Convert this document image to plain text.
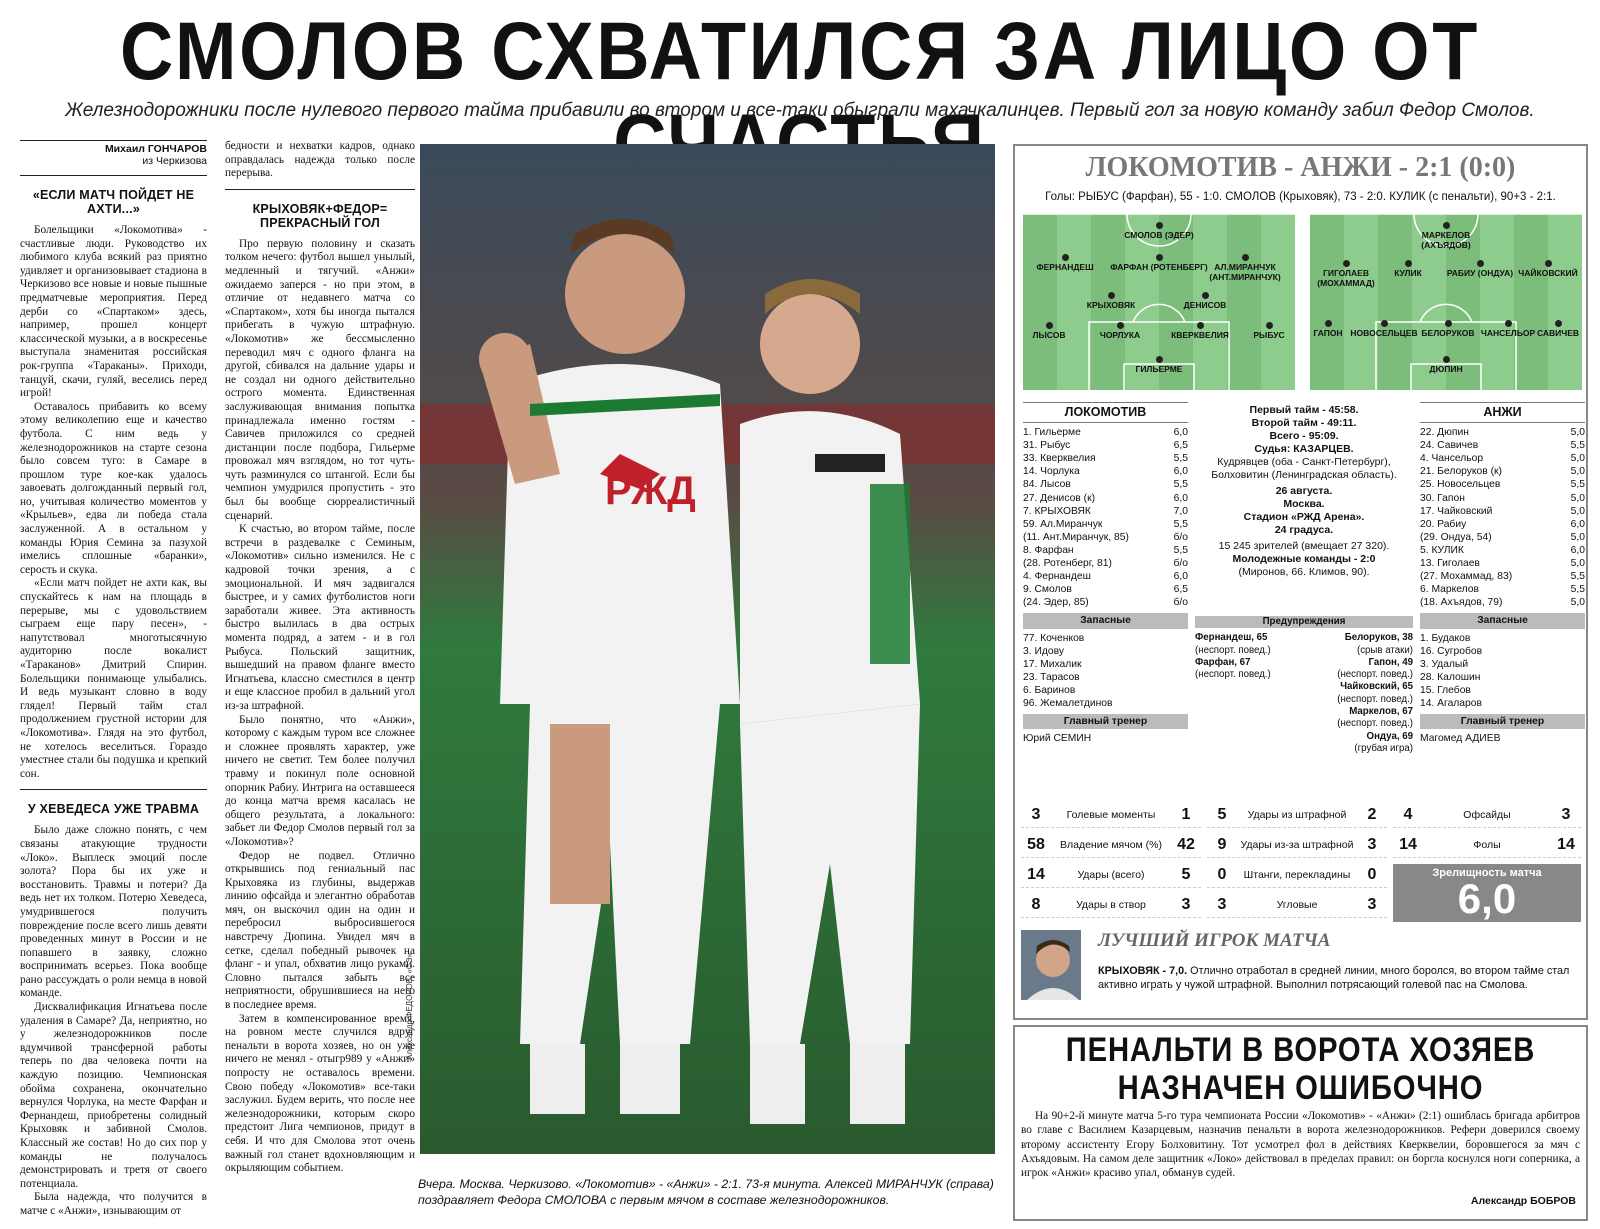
СМОЛОВ СХВАТИЛСЯ ЗА ЛИЦО ОТ
Железнодорожники после нулевого первого тайма прибавили во втором и все-таки обыграли махачкалинцев. Первый гол за новую команду забил Федор Смолов.
Михаил ГОНЧАРОВ
из Черкизова
«ЕСЛИ МАТЧ ПОЙДЕТ НЕ АХТИ...»

Болельщики «Локомотива» - счастливые люди. Руководство их любимого клуба всякий раз приятно удивляет и организовывает стадиона в Черкизово все новые и новые пышные предматчевые мероприятия. Перед дерби со «Спартаком» здесь, например, прошел концерт классической музыки, а в воскресенье выступала знаменитая российская рок-группа «Тараканы». Приходи, танцуй, скачи, гуляй, веселись перед игрой!

Оставалось прибавить ко всему этому великолепию еще и качество футбола. С ним ведь у железнодорожников на старте сезона было совсем туго: в Самаре в прошлом туре кое-как удалось завоевать долгожданный первый гол, но, учитывая количество моментов у «Крыльев», едва ли победа стала заслуженной. А в остальном у команды Юрия Семина за пазухой имелись сплошные «баранки», серость и скука.

«Если матч пойдет не ахти как, вы спускайтесь к нам на площадь в перерыве, мы с удовольствием сыграем еще пару песен», - напутствовал многотысячную аудиторию после вокалист «Тараканов» Дмитрий Спирин. Болельщики понимающе улыбались. И ведь музыкант словно в воду глядел! Первый тайм стал продолжением грустной истории для «Локомотива». Глядя на это футбол, не хотелось веселиться. Гораздо уместнее стали бы подушка и крепкий сон.

У ХЕВЕДЕСА УЖЕ ТРАВМА

Было даже сложно понять, с чем связаны атакующие трудности «Локо». Выплеск эмоций после золота? Пора бы их уже и восстановить. Травмы и потери? Да ведь нет их толком. Потерю Хеведеса, умудрившегося получить повреждение после всего лишь девяти проведенных минут в России и не попавшего в заявку, сложно воспринимать всерьез. Пока вообще рано рассуждать о роли немца в новой команде.

Дисквалификация Игнатьева после удаления в Самаре? Да, неприятно, но у железнодорожников после вдумчивой трансферной работы теперь по два человека почти на каждую позицию. Чемпионская обойма сохранена, окончательно вернулся Чорлука, на месте Фарфан и Фернандеш, приобретены солидный Крыховяк и забивной Смолов. Классный же состав! Но до сих пор у команды не получалось демонстрировать и третя от своего потенциала.

Была надежда, что получится в матче с «Анжи», изнывающим от

бедности и нехватки кадров, однако оправдалась надежда только после перерыва.

КРЫХОВЯК+ФЕДОР= ПРЕКРАСНЫЙ ГОЛ

Про первую половину и сказать толком нечего: футбол вышел унылый, медленный и тягучий. «Анжи» ожидаемо заперся - но при этом, в отличие от недавнего матча со «Спартаком», хотя бы иногда пытался прибегать в чужую штрафную. «Локомотив» же бессмысленно переводил мяч с одного фланга на другой, сбивался на дальние удары и не создал ни одного действительно острого момента. Единственная заслуживающая внимания попытка принадлежала именно гостям - Савичев приложился со средней дистанции после подбора, Гильерме провожал мяч взглядом, но тот чуть-чуть разминулся со штангой. Если бы чемпион умудрился пропустить - это был бы вообще сюрреалистичный сценарий.

К счастью, во втором тайме, после встречи в раздевалке с Семиным, «Локомотив» сильно изменился. Не с кадровой точки зрения, а с эмоциональной. И мяч задвигался быстрее, и у самих футболистов ноги заработали живее. Эта активность быстро вылилась в два острых момента подряд, а затем - и в гол Рыбуса. Польский защитник, вышедший на правом фланге вместо Игнатьева, классно сместился в центр и еще классное пробил в дальний угол из-за штрафной.

Было понятно, что «Анжи», которому с каждым туром все сложнее и сложнее проявлять характер, уже ничего не светит. Тем более получил травму и покинул поле основной опорник Рабиу. Интрига на оставшееся до конца матча время касалась не общего результата, а локального: забьет ли Федор Смолов первый гол за «Локомотив»?

Федор не подвел. Отлично открывшись под гениальный пас Крыховяка из глубины, выдержав линию офсайда и элегантно обработав мяч, он выскочил один на один и перебросил выбросившегося навстречу Дюпина. Увидел мяч в сетке, сделал победный рывочек на фланг - и упал, обхватив лицо руками. Словно пытался забыть все неприятности, обрушившиеся на него в последнее время.

Затем в компенсированное время, на ровном месте случился вдруг пенальти в ворота хозяев, но он уже ничего не менял - отыгр989 у «Анжи» попросту не оставалось времени. Свою победу «Локомотив» все-таки заслужил. Будем верить, что после нее железнодорожники, которым скоро предстоит Лига чемпионов, придут в себя. И что для Смолова этот очень важный гол станет вдохновляющим и окрыляющим событием.

РЖД
Александр ФЕДОРОВ, «СЭ»
Вчера. Москва. Черкизово. «Локомотив» - «Анжи» - 2:1. 73-я минута. Алексей МИРАНЧУК (справа) поздравляет Федора СМОЛОВА с первым мячом в составе железнодорожников.
ЛОКОМОТИВ - АНЖИ - 2:1 (0:0)
Голы: РЫБУС (Фарфан), 55 - 1:0. СМОЛОВ (Крыховяк), 73 - 2:0. КУЛИК (с пенальти), 90+3 - 2:1.
СМОЛОВ (ЭДЕР)
ФЕРНАНДЕШ	ФАРФАН (РОТЕНБЕРГ) АЛ.МИРАНЧУК (АНТ.МИРАНЧУК)
КРЫХОВЯК	ДЕНИСОВ
ЛЫСОВ	ЧОРЛУКА	КВЕРКВЕЛИЯ	РЫБУС
ГИЛЬЕРМЕ
МАРКЕЛОВ (АХЪЯДОВ)
ГИГОЛАЕВ (МОХАММАД)
КУЛИК	РАБИУ (ОНДУА) ЧАЙКОВСКИЙ
ГАПОН НОВОСЕЛЬЦЕВ БЕЛОРУКОВ ЧАНСЕЛЬОР САВИЧЕВ
ДЮПИН
ЛОКОМОТИВ
1. Гильерме	6,0
31. Рыбус	6,5
33. Кверквелия	5,5
14. Чорлука	6,0
84. Лысов	5,5
27. Денисов (к)	6,0
7. КРЫХОВЯК	7,0
59. Ал.Миранчук	5,5
(11. Ант.Миранчук, 85)	б/о
8. Фарфан	5,5
(28. Ротенберг, 81)	б/о
4. Фернандеш	6,0
9. Смолов	6,5
(24. Эдер, 85)	б/о
Запасные
77. Коченков
3. Идову
17. Михалик
23. Тарасов
6. Баринов
96. Жемалетдинов
Главный тренер
Юрий СЕМИН
Первый тайм - 45:58.
Второй тайм - 49:11.
Всего - 95:09.
Судья: КАЗАРЦЕВ.
Кудрявцев (оба - Санкт-Петербург),
Болховитин (Ленинградская область).
26 августа.
Москва.
Стадион «РЖД Арена».
24 градуса.
15 245 зрителей (вмещает 27 320).
Молодежные команды - 2:0
(Миронов, 66. Климов, 90).
Предупреждения
Фернандеш, 65
(неспорт. повед.)
Фарфан, 67
(неспорт. повед.)
Белоруков, 38
(срыв атаки)
Гапон, 49
(неспорт. повед.)
Чайковский, 65
(неспорт. повед.)
Маркелов, 67
(неспорт. повед.)
Ондуа, 69
(грубая игра)
АНЖИ
22. Дюпин	5,0
24. Савичев	5,5
4. Чансельор	5,0
21. Белоруков (к)	5,0
25. Новосельцев	5,5
30. Гапон	5,0
17. Чайковский	5,0
20. Рабиу	6,0
(29. Ондуа, 54)	5,0
5. КУЛИК	6,0
13. Гиголаев	5,0
(27. Мохаммад, 83)	5,5
6. Маркелов	5,5
(18. Ахъядов, 79)	5,0
Запасные
1. Будаков
16. Сугробов
3. Удалый
28. Калошин
15. Глебов
14. Агаларов
Главный тренер
Магомед АДИЕВ
3	Голевые моменты	1
58	Владение мячом (%) 42
14	Удары (всего)	5
8	Удары в створ	3
5	Удары из штрафной	2
9	Удары из-за штрафной 3
0	Штанги, перекладины	0
3	Угловые	3
4	Офсайды	3
14	Фолы	14
Зрелищность матча
6,0
ЛУЧШИЙ ИГРОК МАТЧА
КРЫХОВЯК - 7,0. Отлично отработал в средней линии, много боролся, во втором тайме стал активно играть у чужой штрафной. Выполнил потрясающий голевой пас на Смолова.
ПЕНАЛЬТИ В ВОРОТА ХОЗЯЕВ
НАЗНАЧЕН ОШИБОЧНО
На 90+2-й минуте матча 5-го тура чемпионата России «Локомотив» - «Анжи» (2:1) ошиблась бригада арбитров во главе с Василием Казарцевым, назначив пенальти в ворота железнодорожников. Рефери доверился своему второму ассистенту Егору Болховитину. Тот усмотрел фол в действиях Кверквелии, боровшегося за мяч с Ахъядовым. На самом деле защитник «Локо» действовал в пределах правил: он боргла коснулся ноги соперника, а игрок «Анжи» красиво упал, обманув судей.
Александр БОБРОВ
